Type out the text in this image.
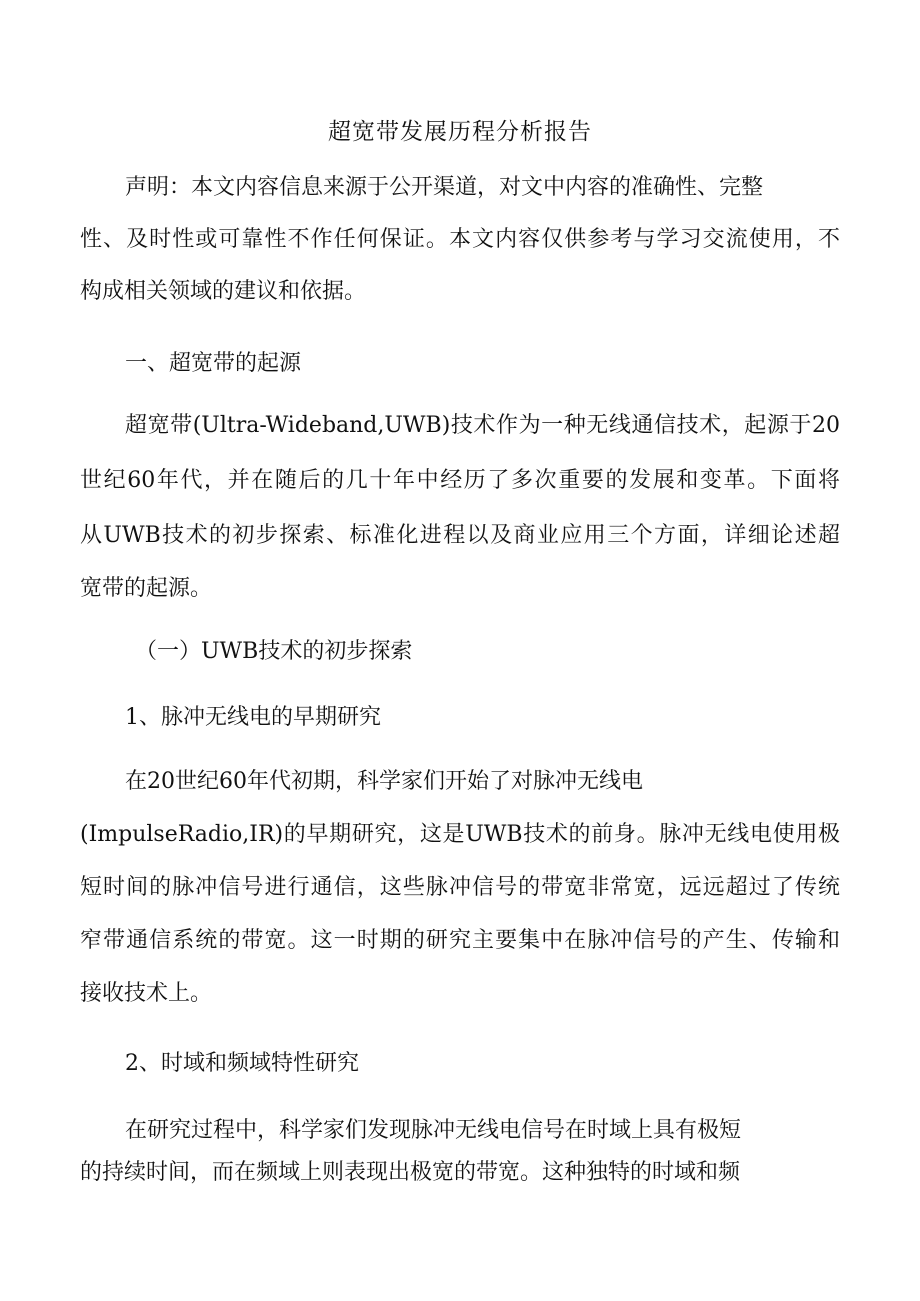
超宽带发展历程分析报告
声明：本文内容信息来源于公开渠道，对文中内容的准确性、完整
性、及时性或可靠性不作任何保证。本文内容仅供参考与学习交流使用，不
构成相关领域的建议和依据。
一、超宽带的起源
超宽带(Ultra-Wideband,UWB)技术作为一种无线通信技术，起源于20
世纪60年代，并在随后的几十年中经历了多次重要的发展和变革。下面将
从UWB技术的初步探索、标准化进程以及商业应用三个方面，详细论述超
宽带的起源。
（一）UWB技术的初步探索
1、脉冲无线电的早期研究
在20世纪60年代初期，科学家们开始了对脉冲无线电
(ImpulseRadio,IR)的早期研究，这是UWB技术的前身。脉冲无线电使用极
短时间的脉冲信号进行通信，这些脉冲信号的带宽非常宽，远远超过了传统
窄带通信系统的带宽。这一时期的研究主要集中在脉冲信号的产生、传输和
接收技术上。
2、时域和频域特性研究
在研究过程中，科学家们发现脉冲无线电信号在时域上具有极短
的持续时间，而在频域上则表现出极宽的带宽。这种独特的时域和频
